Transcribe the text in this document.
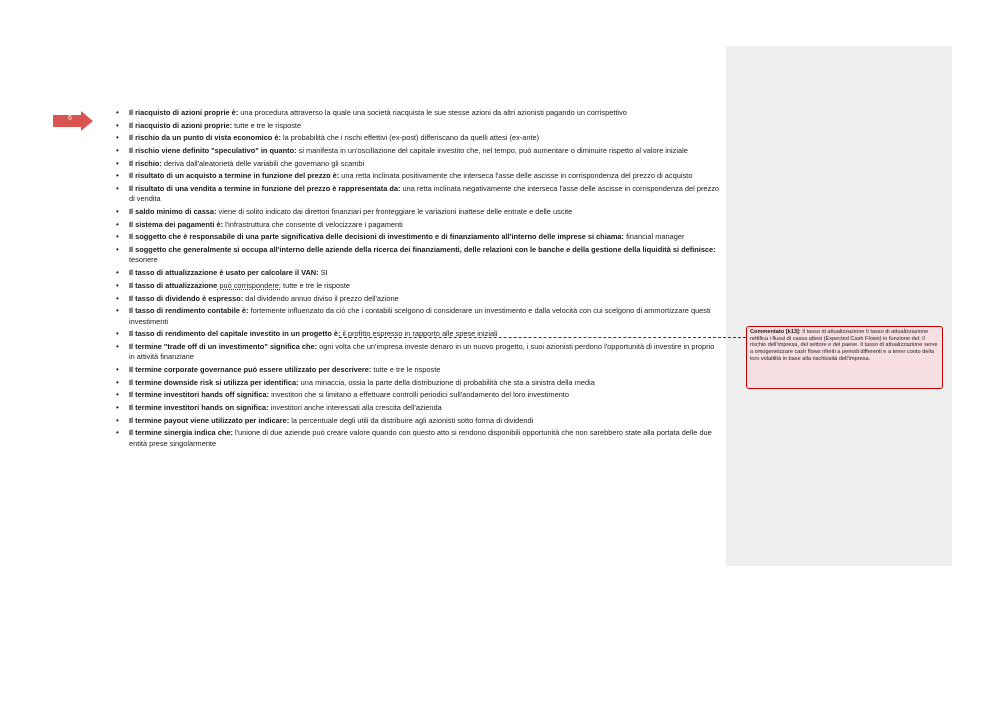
6
• Il riacquisto di azioni proprie è: una procedura attraverso la quale una società riacquista le sue stesse azioni da altri azionisti pagando un corrispettivo
• Il riacquisto di azioni proprie: tutte e tre le risposte
• Il rischio da un punto di vista economico è: la probabilità che i rischi effettivi (ex-post) differiscano da quelli attesi (ex-ante)
• Il rischio viene definito "speculativo" in quanto: si manifesta in un'oscillazione del capitale investito che, nel tempo, può aumentare o diminuire rispetto al valore iniziale
• Il rischio: deriva dall'aleatorietà delle variabili che governano gli scambi
• Il risultato di un acquisto a termine in funzione del prezzo è: una retta inclinata positivamente che interseca l'asse delle ascisse in corrispondenza del prezzo di acquisto
• Il risultato di una vendita a termine in funzione del prezzo è rappresentata da: una retta inclinata negativamente che interseca l'asse delle ascisse in corrispondenza del prezzo di vendita
• Il saldo minimo di cassa: viene di solito indicato dai direttori finanziari per fronteggiare le variazioni inattese delle entrate e delle uscite
• Il sistema dei pagamenti è: l'infrastruttura che consente di velocizzare i pagamenti
• Il soggetto che è responsabile di una parte significativa delle decisioni di investimento e di finanziamento all'interno delle imprese si chiama: financial manager
• Il soggetto che generalmente si occupa all'interno delle aziende della ricerca dei finanziamenti, delle relazioni con le banche e della gestione della liquidità si definisce: tesoriere
• Il tasso di attualizzazione è usato per calcolare il VAN: SI
• Il tasso di attualizzazione può corrispondere: tutte e tre le risposte
• Il tasso di dividendo è espresso: dal dividendo annuo diviso il prezzo dell'azione
• Il tasso di rendimento contabile è: fortemente influenzato da ciò che i contabili scelgono di considerare un investimento e dalla velocità con cui scelgono di ammortizzare questi investimenti
• Il tasso di rendimento del capitale investito in un progetto è: il profitto espresso in rapporto alle spese iniziali
• Il termine "trade off di un investimento" significa che: ogni volta che un'impresa investe denaro in un nuovo progetto, i suoi azionisti perdono l'opportunità di investire in proprio in attività finanziarie
• Il termine corporate governance può essere utilizzato per descrivere: tutte e tre le risposte
• Il termine downside risk si utilizza per identifica: una minaccia, ossia la parte della distribuzione di probabilità che sta a sinistra della media
• Il termine investitori hands off significa: investitori che si limitano a effettuare controlli periodici sull'andamento del loro investimento
• Il termine investitori hands on significa: investitori anche interessati alla crescita dell'azienda
• Il termine payout viene utilizzato per indicare: la percentuale degli utili da distribuire agli azionisti sotto forma di dividendi
• Il termine sinergia indica che: l'unione di due aziende può creare valore quando con questo atto si rendono disponibili opportunità che non sarebbero state alla portata delle due entità prese singolarmente
Commentato [k13]: Il tasso di attualizzazione Il tasso di attualizzazione rettifica i flussi di cassa attesi (Expected Cash Flows) in funzione del: il rischio dell'impresa, del settore e del paese. Il tasso di attualizzazione serve a omogeneizzare cash flows riferiti a periodi differenti e a tener conto della loro volatilità in base alla rischiosità dell'impresa.
